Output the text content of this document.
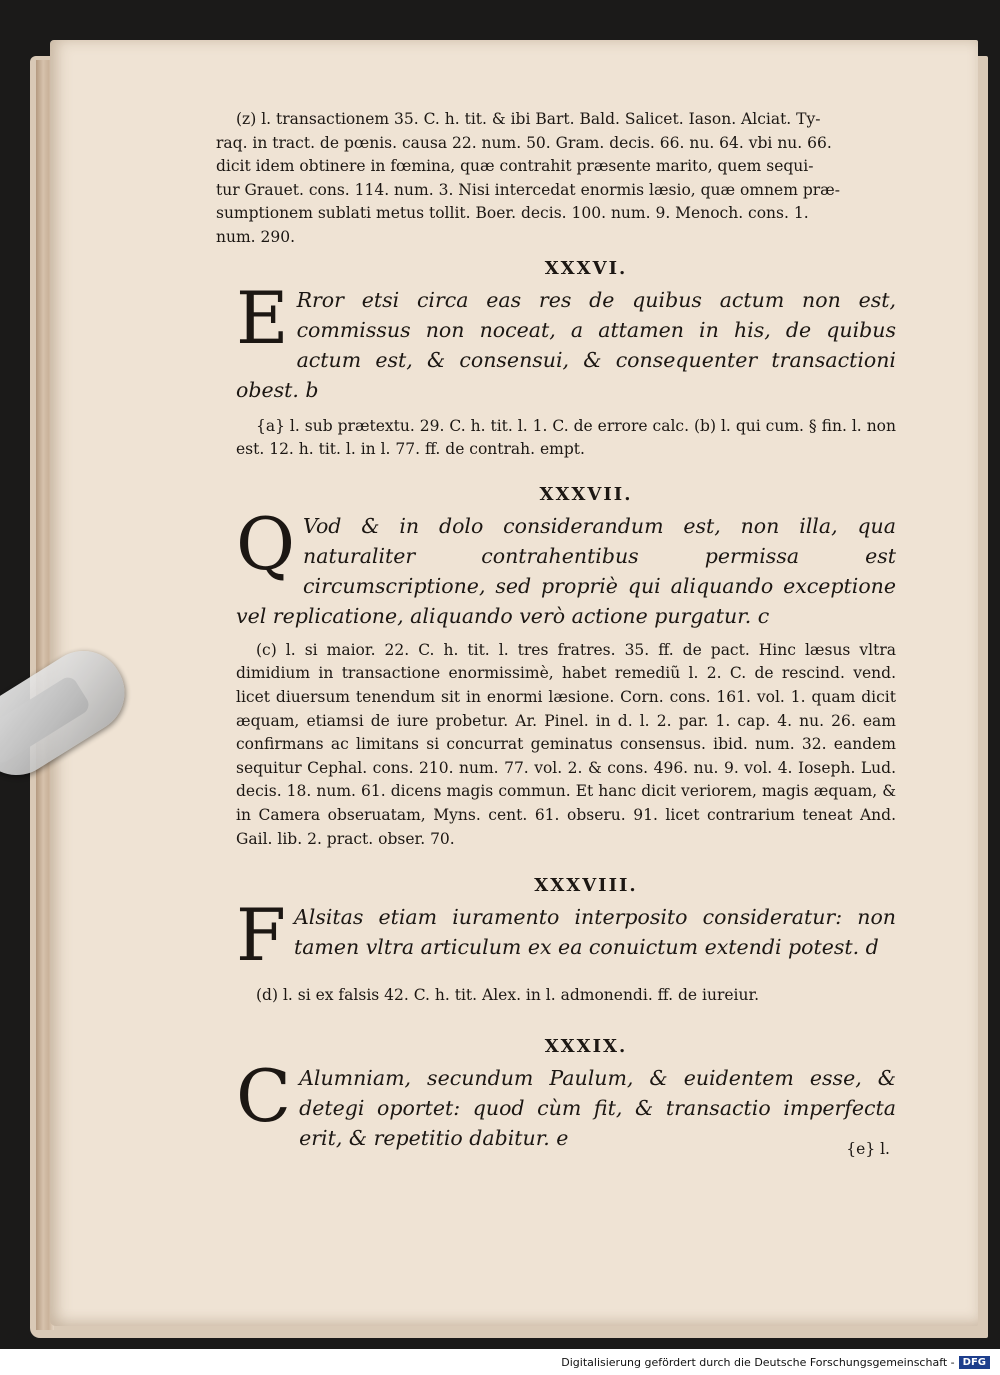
(z) l. transactionem 35. C. h. tit. & ibi Bart. Bald. Salicet. Iason. Alciat. Ty-

raq. in tract. de pœnis. causa 22. num. 50. Gram. decis. 66. nu. 64. vbi nu. 66.

dicit idem obtinere in fœmina, quæ contrahit præsente marito, quem sequi-

tur Grauet. cons. 114. num. 3. Nisi intercedat enormis læsio, quæ omnem præ-

sumptionem sublati metus tollit. Boer. decis. 100. num. 9. Menoch. cons. 1.

num. 290.

XXXVI.

E Rror etsi circa eas res de quibus actum non est, commissus non noceat, a attamen in his, de quibus actum est, & consensui, & consequenter transactioni obest. b

{a} l. sub prætextu. 29. C. h. tit. l. 1. C. de errore calc. (b) l. qui cum. § fin. l. non est. 12. h. tit. l. in l. 77. ff. de contrah. empt.

XXXVII.

Q Vod & in dolo considerandum est, non illa, qua naturaliter contrahentibus permissa est circumscriptione, sed propriè qui aliquando exceptione vel replicatione, aliquando verò actione purgatur. c

(c) l. si maior. 22. C. h. tit. l. tres fratres. 35. ff. de pact. Hinc læsus vltra dimidium in transactione enormissimè, habet remediũ l. 2. C. de rescind. vend. licet diuersum tenendum sit in enormi læsione. Corn. cons. 161. vol. 1. quam dicit æquam, etiamsi de iure probetur. Ar. Pinel. in d. l. 2. par. 1. cap. 4. nu. 26. eam confirmans ac limitans si concurrat geminatus consensus. ibid. num. 32. eandem sequitur Cephal. cons. 210. num. 77. vol. 2. & cons. 496. nu. 9. vol. 4. Ioseph. Lud. decis. 18. num. 61. dicens magis commun. Et hanc dicit veriorem, magis æquam, & in Camera obseruatam, Myns. cent. 61. obseru. 91. licet contrarium teneat And. Gail. lib. 2. pract. obser. 70.

XXXVIII.

F Alsitas etiam iuramento interposito consideratur: non tamen vltra articulum ex ea conuictum extendi potest. d

(d) l. si ex falsis 42. C. h. tit. Alex. in l. admonendi. ff. de iureiur.

XXXIX.

C Alumniam, secundum Paulum, & euidentem esse, & detegi oportet: quod cùm fit, & transactio imperfecta erit, & repetitio dabitur. e	{e} l.
Digitalisierung gefördert durch die Deutsche Forschungsgemeinschaft - DFG
